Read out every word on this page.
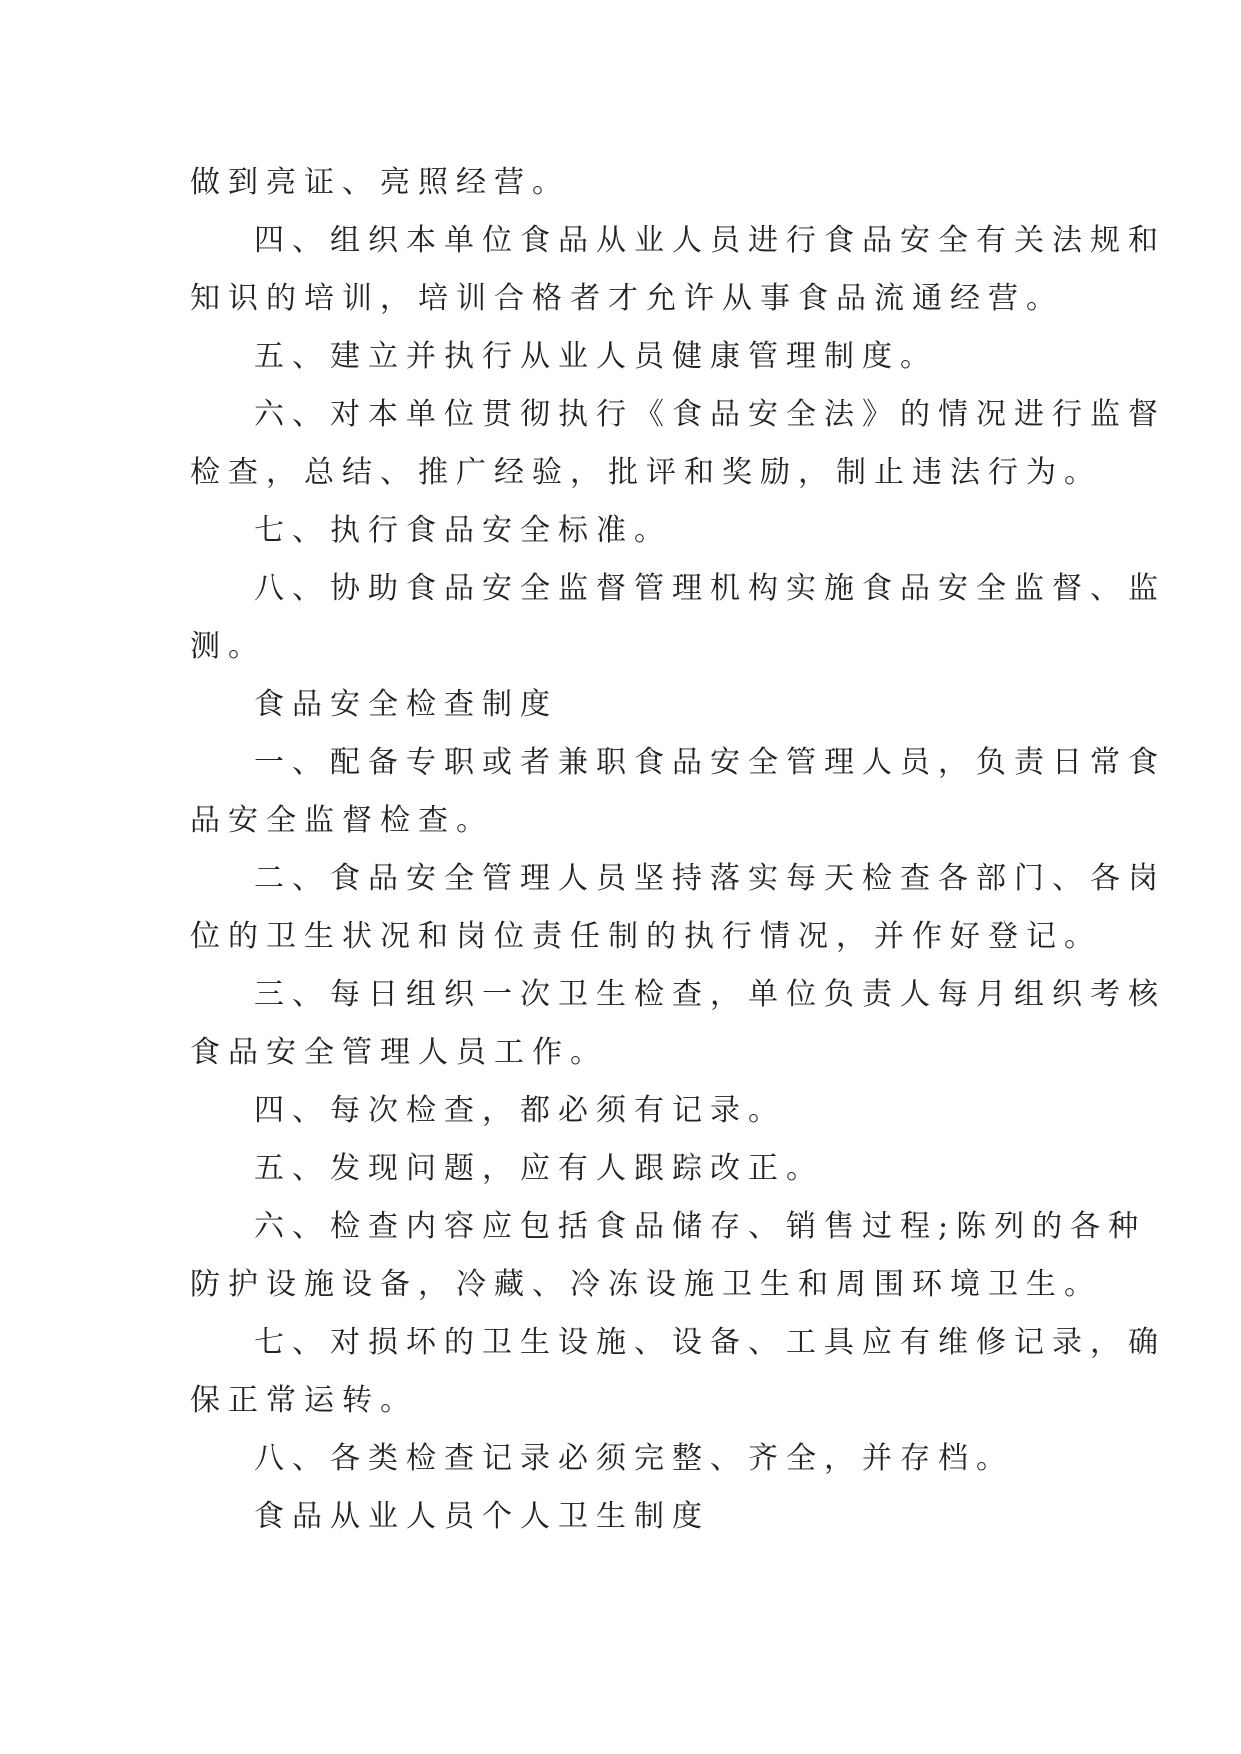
做到亮证、亮照经营。
四、组织本单位食品从业人员进行食品安全有关法规和
知识的培训，培训合格者才允许从事食品流通经营。
五、建立并执行从业人员健康管理制度。
六、对本单位贯彻执行《食品安全法》的情况进行监督
检查，总结、推广经验，批评和奖励，制止违法行为。
七、执行食品安全标准。
八、协助食品安全监督管理机构实施食品安全监督、监
测。
食品安全检查制度
一、配备专职或者兼职食品安全管理人员，负责日常食
品安全监督检查。
二、食品安全管理人员坚持落实每天检查各部门、各岗
位的卫生状况和岗位责任制的执行情况，并作好登记。
三、每日组织一次卫生检查，单位负责人每月组织考核
食品安全管理人员工作。
四、每次检查，都必须有记录。
五、发现问题，应有人跟踪改正。
六、检查内容应包括食品储存、销售过程;陈列的各种
防护设施设备，冷藏、冷冻设施卫生和周围环境卫生。
七、对损坏的卫生设施、设备、工具应有维修记录，确
保正常运转。
八、各类检查记录必须完整、齐全，并存档。
食品从业人员个人卫生制度
